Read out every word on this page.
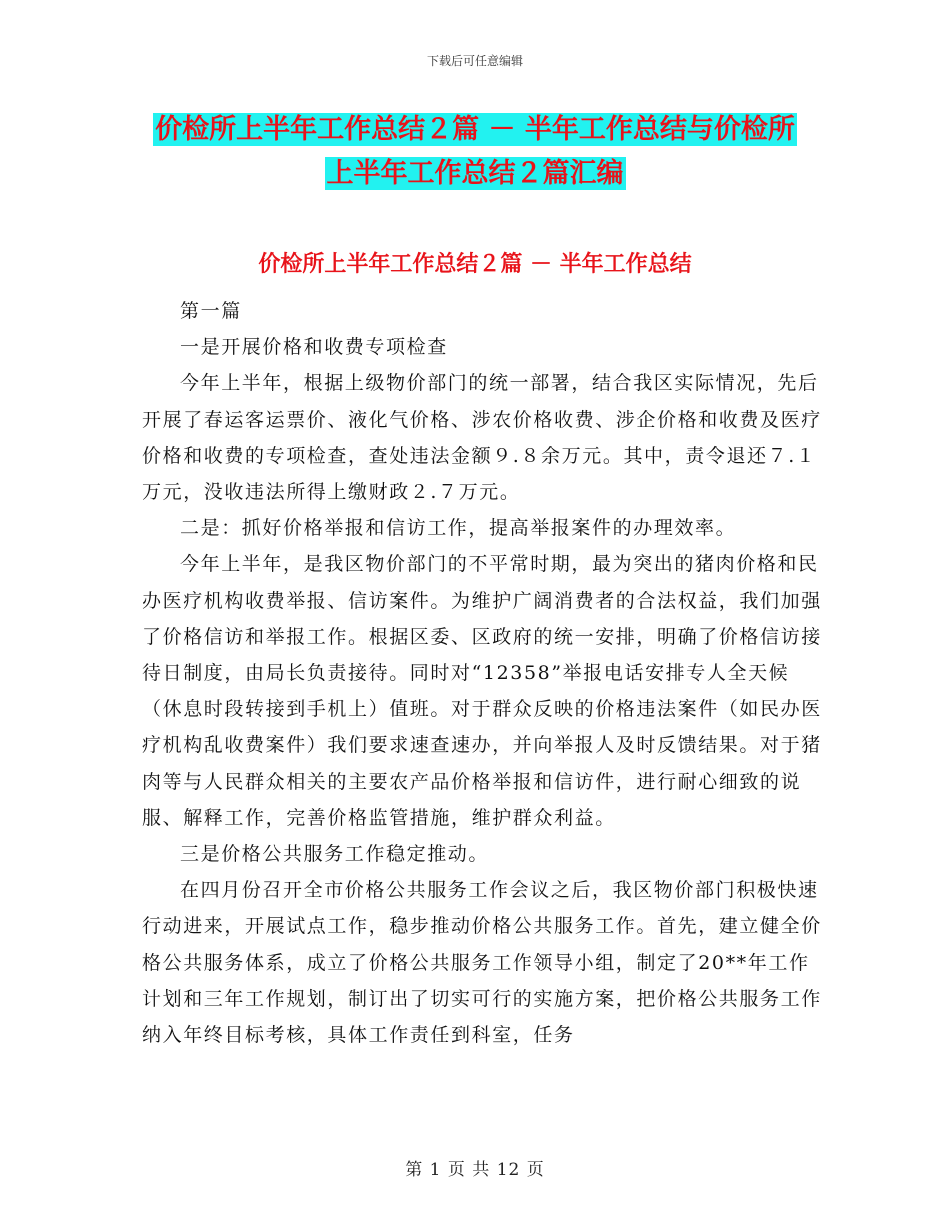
下载后可任意编辑
价检所上半年工作总结２篇 － 半年工作总结与价检所
上半年工作总结２篇汇编
价检所上半年工作总结２篇 － 半年工作总结

第一篇

一是开展价格和收费专项检查

今年上半年，根据上级物价部门的统一部署，结合我区实际情况，先后开展了春运客运票价、液化气价格、涉农价格收费、涉企价格和收费及医疗价格和收费的专项检查，查处违法金额９.８余万元。其中，责令退还７.１万元，没收违法所得上缴财政２.７万元。

二是：抓好价格举报和信访工作，提高举报案件的办理效率。

今年上半年，是我区物价部门的不平常时期，最为突出的猪肉价格和民办医疗机构收费举报、信访案件。为维护广阔消费者的合法权益，我们加强了价格信访和举报工作。根据区委、区政府的统一安排，明确了价格信访接待日制度，由局长负责接待。同时对“12358”举报电话安排专人全天候（休息时段转接到手机上）值班。对于群众反映的价格违法案件（如民办医疗机构乱收费案件）我们要求速查速办，并向举报人及时反馈结果。对于猪肉等与人民群众相关的主要农产品价格举报和信访件，进行耐心细致的说服、解释工作，完善价格监管措施，维护群众利益。

三是价格公共服务工作稳定推动。

在四月份召开全市价格公共服务工作会议之后，我区物价部门积极快速行动进来，开展试点工作，稳步推动价格公共服务工作。首先，建立健全价格公共服务体系，成立了价格公共服务工作领导小组，制定了20**年工作计划和三年工作规划，制订出了切实可行的实施方案，把价格公共服务工作纳入年终目标考核，具体工作责任到科室，任务

第 1 页 共 12 页
